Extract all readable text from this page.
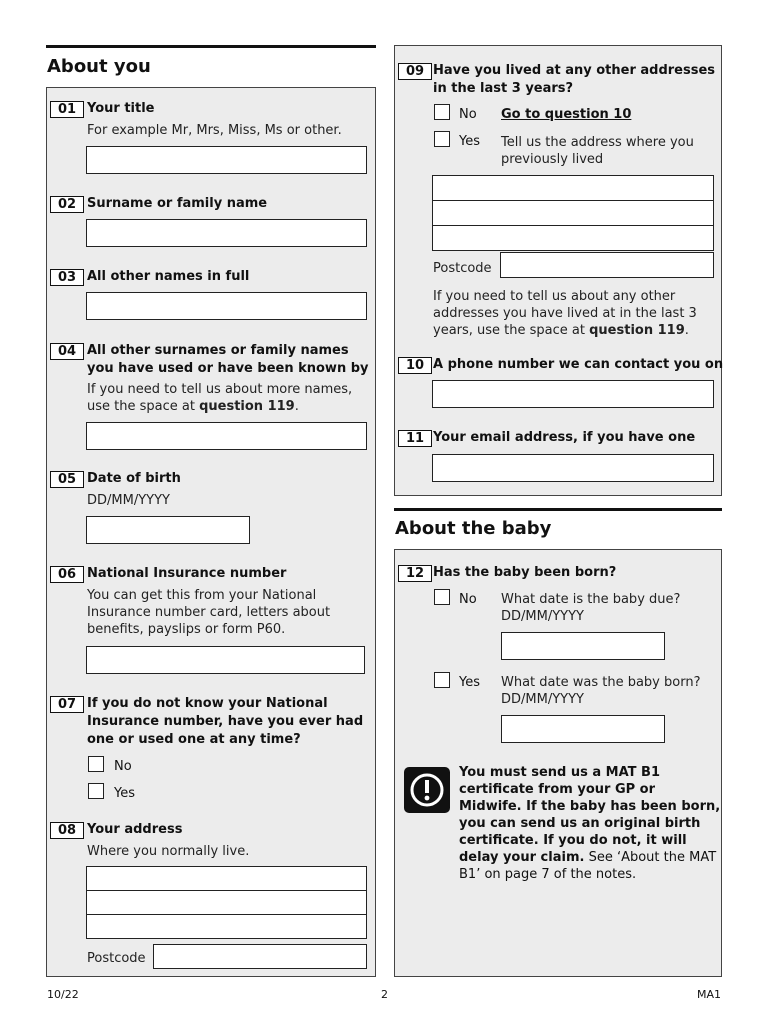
About you
01 Your title
For example Mr, Mrs, Miss, Ms or other.
02 Surname or family name
03 All other names in full
04 All other surnames or family names you have used or have been known by
If you need to tell us about more names, use the space at question 119.
05 Date of birth
DD/MM/YYYY
06 National Insurance number
You can get this from your National Insurance number card, letters about benefits, payslips or form P60.
07 If you do not know your National Insurance number, have you ever had one or used one at any time?
No
Yes
08 Your address
Where you normally live.
Postcode
09 Have you lived at any other addresses in the last 3 years?
No Go to question 10
Yes Tell us the address where you previously lived
Postcode
If you need to tell us about any other addresses you have lived at in the last 3 years, use the space at question 119.
10 A phone number we can contact you on
11 Your email address, if you have one
About the baby
12 Has the baby been born?
No What date is the baby due?
DD/MM/YYYY
Yes What date was the baby born?
DD/MM/YYYY
You must send us a MAT B1 certificate from your GP or Midwife. If the baby has been born, you can send us an original birth certificate. If you do not, it will delay your claim. See ‘About the MAT B1’ on page 7 of the notes.
10/22	2	MA1
